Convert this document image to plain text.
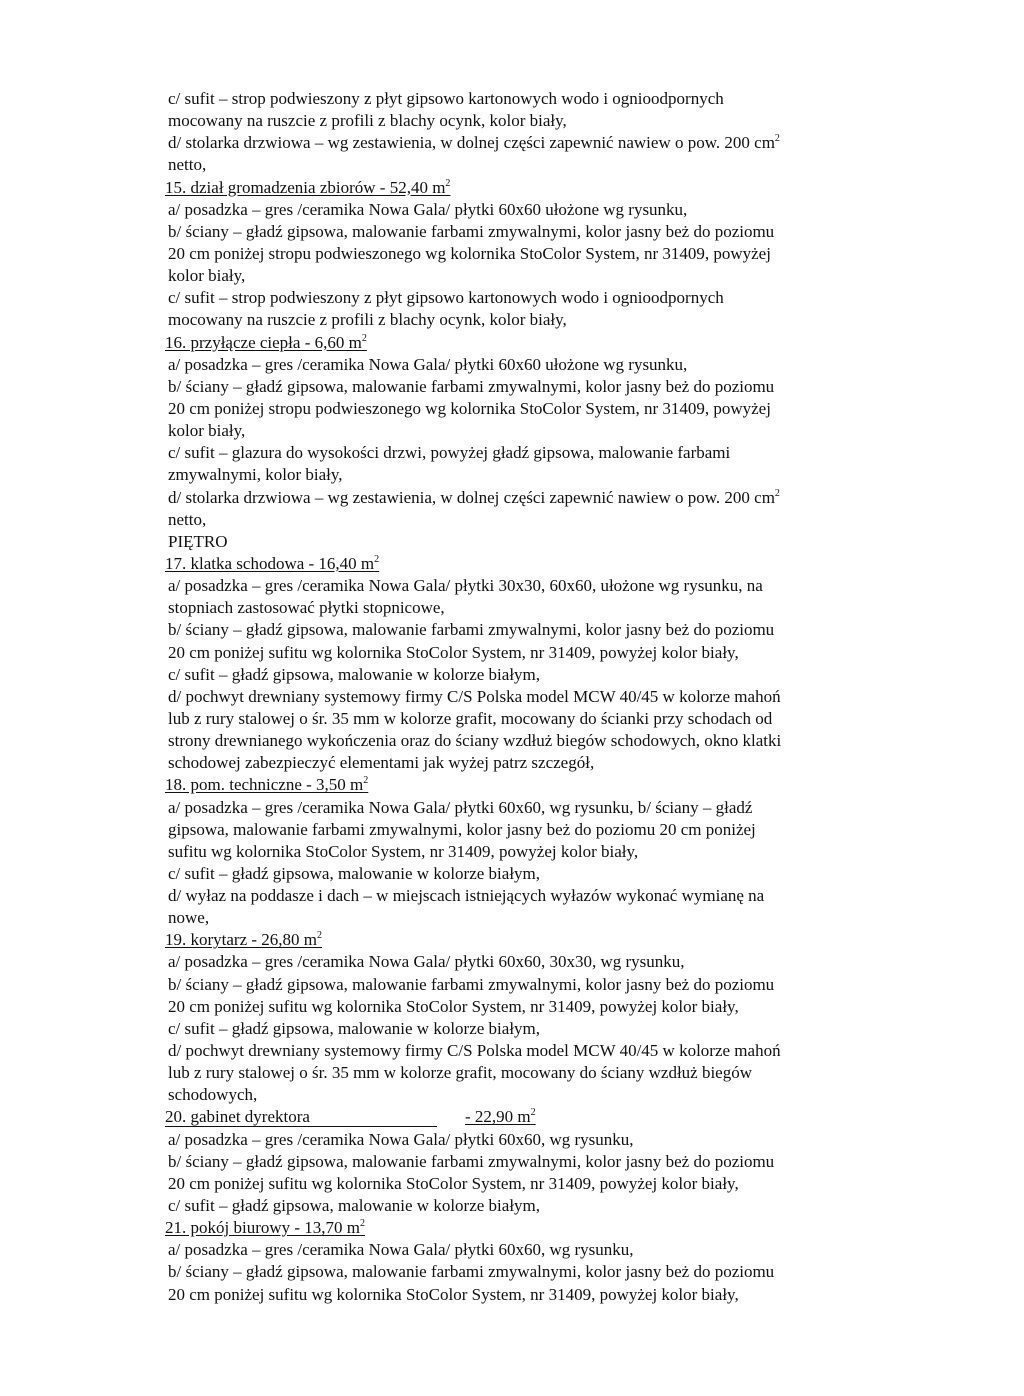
c/ sufit – strop podwieszony z płyt gipsowo kartonowych wodo i ognioodpornych
mocowany na ruszcie z profili z blachy ocynk, kolor biały,
d/ stolarka drzwiowa – wg zestawienia, w dolnej części zapewnić nawiew o pow. 200 $cm^2$
netto,
15. dział gromadzenia zbiorów - 52,40 $m^2$
a/ posadzka – gres /ceramika Nowa Gala/ płytki 60x60 ułożone wg rysunku,
b/ ściany – gładź gipsowa, malowanie farbami zmywalnymi, kolor jasny beż do poziomu
20 cm poniżej stropu podwieszonego wg kolornika StoColor System, nr 31409, powyżej
kolor biały,
c/ sufit – strop podwieszony z płyt gipsowo kartonowych wodo i ognioodpornych
mocowany na ruszcie z profili z blachy ocynk, kolor biały,
16. przyłącze ciepła - 6,60 $m^2$
a/ posadzka – gres /ceramika Nowa Gala/ płytki 60x60 ułożone wg rysunku,
b/ ściany – gładź gipsowa, malowanie farbami zmywalnymi, kolor jasny beż do poziomu
20 cm poniżej stropu podwieszonego wg kolornika StoColor System, nr 31409, powyżej
kolor biały,
c/ sufit – glazura do wysokości drzwi, powyżej gładź gipsowa, malowanie farbami
zmywalnymi, kolor biały,
d/ stolarka drzwiowa – wg zestawienia, w dolnej części zapewnić nawiew o pow. 200 $cm^2$
netto,
PIĘTRO
17. klatka schodowa - 16,40 $m^2$
a/ posadzka – gres /ceramika Nowa Gala/ płytki 30x30, 60x60, ułożone wg rysunku, na
stopniach zastosować płytki stopnicowe,
b/ ściany – gładź gipsowa, malowanie farbami zmywalnymi, kolor jasny beż do poziomu
20 cm poniżej sufitu wg kolornika StoColor System, nr 31409, powyżej kolor biały,
c/ sufit – gładź gipsowa, malowanie w kolorze białym,
d/ pochwyt drewniany systemowy firmy C/S Polska model MCW 40/45 w kolorze mahoń
lub z rury stalowej o śr. 35 mm w kolorze grafit, mocowany do ścianki przy schodach od
strony drewnianego wykończenia oraz do ściany wzdłuż biegów schodowych, okno klatki
schodowej zabezpieczyć elementami jak wyżej patrz szczegół,
18. pom. techniczne - 3,50 $m^2$
a/ posadzka – gres /ceramika Nowa Gala/ płytki 60x60, wg rysunku, b/ ściany – gładź
gipsowa, malowanie farbami zmywalnymi, kolor jasny beż do poziomu 20 cm poniżej
sufitu wg kolornika StoColor System, nr 31409, powyżej kolor biały,
c/ sufit – gładź gipsowa, malowanie w kolorze białym,
d/ wyłaz na poddasze i dach – w miejscach istniejących wyłazów wykonać wymianę na
nowe,
19. korytarz - 26,80 $m^2$
a/ posadzka – gres /ceramika Nowa Gala/ płytki 60x60, 30x30, wg rysunku,
b/ ściany – gładź gipsowa, malowanie farbami zmywalnymi, kolor jasny beż do poziomu
20 cm poniżej sufitu wg kolornika StoColor System, nr 31409, powyżej kolor biały,
c/ sufit – gładź gipsowa, malowanie w kolorze białym,
d/ pochwyt drewniany systemowy firmy C/S Polska model MCW 40/45 w kolorze mahoń
lub z rury stalowej o śr. 35 mm w kolorze grafit, mocowany do ściany wzdłuż biegów
schodowych,
20. gabinet dyrektora	- 22,90 $m^2$
a/ posadzka – gres /ceramika Nowa Gala/ płytki 60x60, wg rysunku,
b/ ściany – gładź gipsowa, malowanie farbami zmywalnymi, kolor jasny beż do poziomu
20 cm poniżej sufitu wg kolornika StoColor System, nr 31409, powyżej kolor biały,
c/ sufit – gładź gipsowa, malowanie w kolorze białym,
21. pokój biurowy - 13,70 $m^2$
a/ posadzka – gres /ceramika Nowa Gala/ płytki 60x60, wg rysunku,
b/ ściany – gładź gipsowa, malowanie farbami zmywalnymi, kolor jasny beż do poziomu
20 cm poniżej sufitu wg kolornika StoColor System, nr 31409, powyżej kolor biały,
